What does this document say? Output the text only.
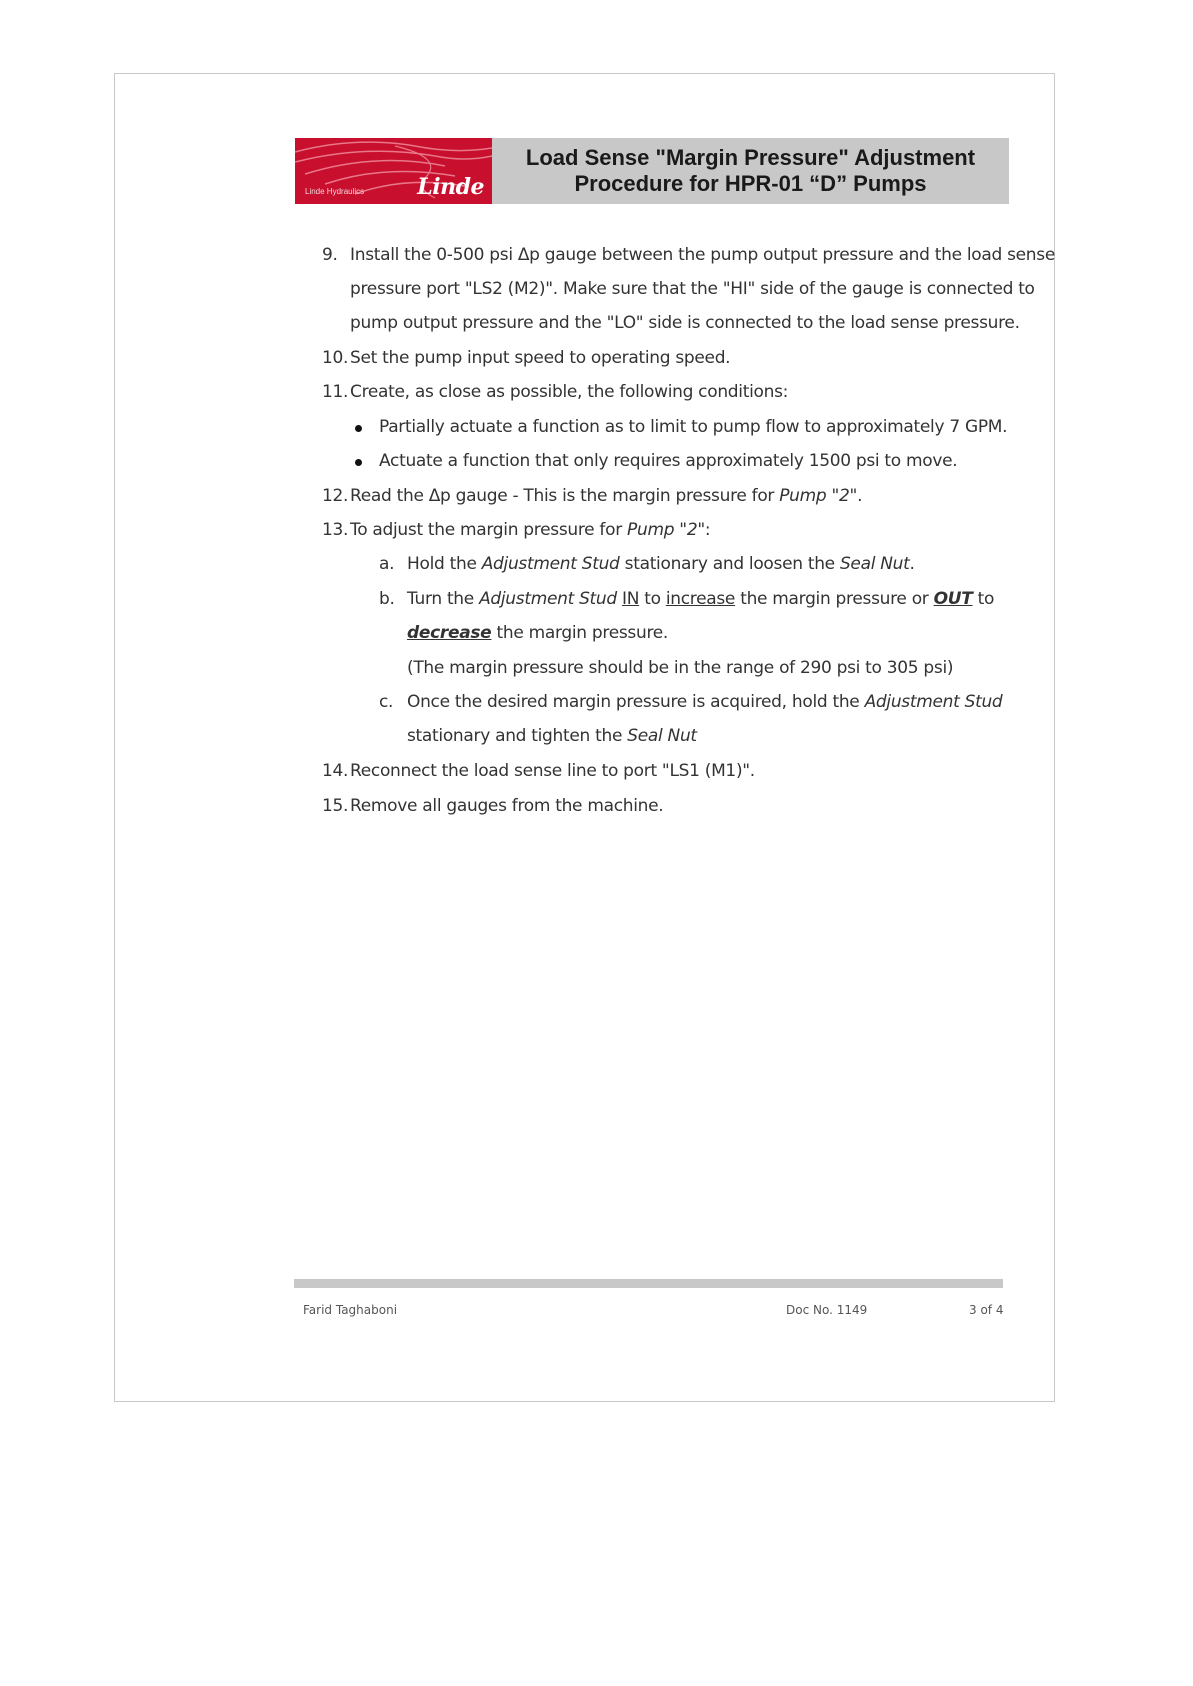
Linde Hydraulics Linde
Load Sense "Margin Pressure" Adjustment
Procedure for HPR-01 “D” Pumps
9. Install the 0-500 psi Δp gauge between the pump output pressure and the load sense
pressure port "LS2 (M2)". Make sure that the "HI" side of the gauge is connected to
pump output pressure and the "LO" side is connected to the load sense pressure.
10. Set the pump input speed to operating speed.
11. Create, as close as possible, the following conditions:
Partially actuate a function as to limit to pump flow to approximately 7 GPM.
Actuate a function that only requires approximately 1500 psi to move.
12. Read the Δp gauge - This is the margin pressure for Pump "2".
13. To adjust the margin pressure for Pump "2":
a. Hold the Adjustment Stud stationary and loosen the Seal Nut.
b. Turn the Adjustment Stud IN to increase the margin pressure or OUT to
decrease the margin pressure.
(The margin pressure should be in the range of 290 psi to 305 psi)
c. Once the desired margin pressure is acquired, hold the Adjustment Stud
stationary and tighten the Seal Nut
14. Reconnect the load sense line to port "LS1 (M1)".
15. Remove all gauges from the machine.
Farid Taghaboni	Doc No. 1149	3 of 4
